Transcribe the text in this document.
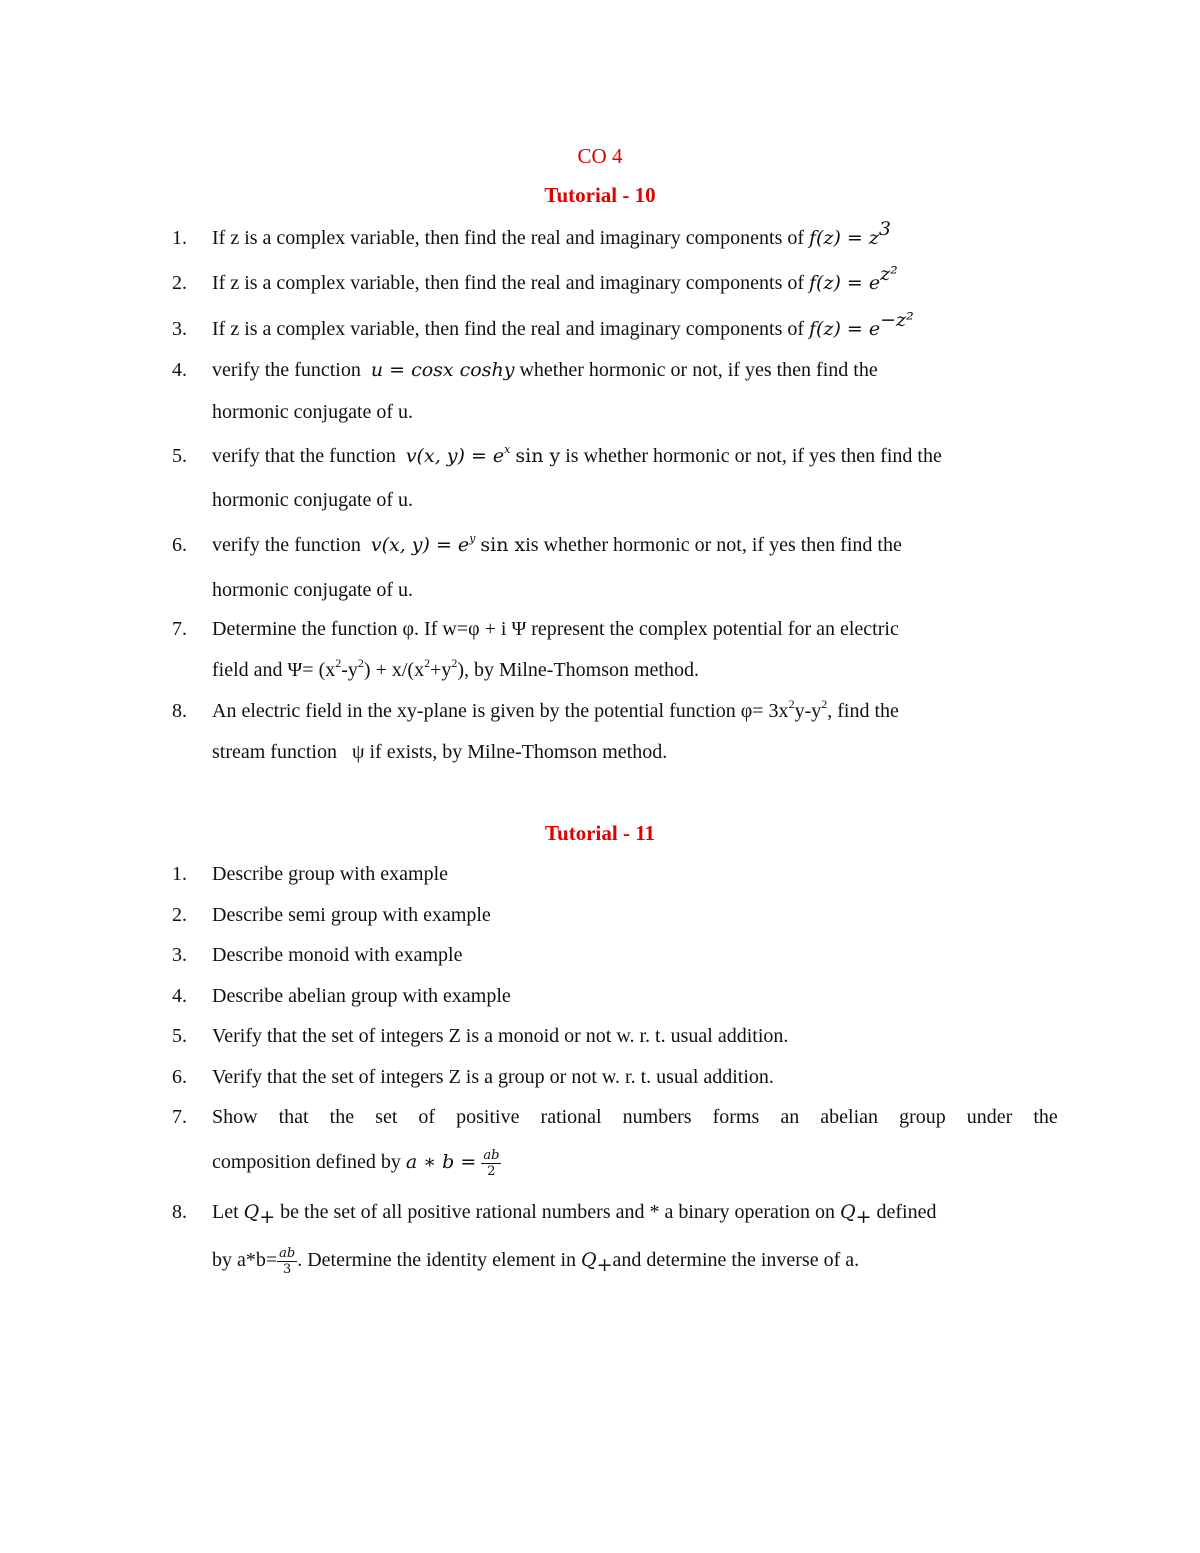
CO 4
Tutorial - 10
1.	If z is a complex variable, then find the real and imaginary components of $f(z) = z^3$
2.	If z is a complex variable, then find the real and imaginary components of $f(z) = e^{z^2}$
3.	If z is a complex variable, then find the real and imaginary components of $f(z) = e^{-z^2}$
4.	verify the function u = cosx coshy whether hormonic or not, if yes then find the
hormonic conjugate of u.
5.	verify that the function v(x, $y) = e^x$ sin y is whether hormonic or not, if yes then find the
hormonic conjugate of u.
6.	verify the function v(x, $y) = e^y$ sin xis whether hormonic or not, if yes then find the
hormonic conjugate of u.
7.	Determine the function φ. If w=φ + i Ψ represent the complex potential for an electric
field and $\Psi= (x^2-y^2) + x/(x^2+y^2)$, by Milne-Thomson method.
8.	An electric field in the xy-plane is given by the potential function $\varphi= 3x^2y-y^2$, find the
stream function   ψ if exists, by Milne-Thomson method.
Tutorial - 11
1.	Describe group with example
2.	Describe semi group with example
3.	Describe monoid with example
4.	Describe abelian group with example
5.	Verify that the set of integers Z is a monoid or not w. r. t. usual addition.
6.	Verify that the set of integers Z is a group or not w. r. t. usual addition.
7.	Show that the set of positive rational numbers forms an abelian group under the
composition defined by a ∗ $b = \frac{ab}{2}$
8.	Let $Q_+$ be the set of all positive rational numbers and * a binary operation on $Q_+$ defined
by $a*b= \frac{ab}{3}$ . Determine the identity element in $Q_+and$ determine the inverse of a.
